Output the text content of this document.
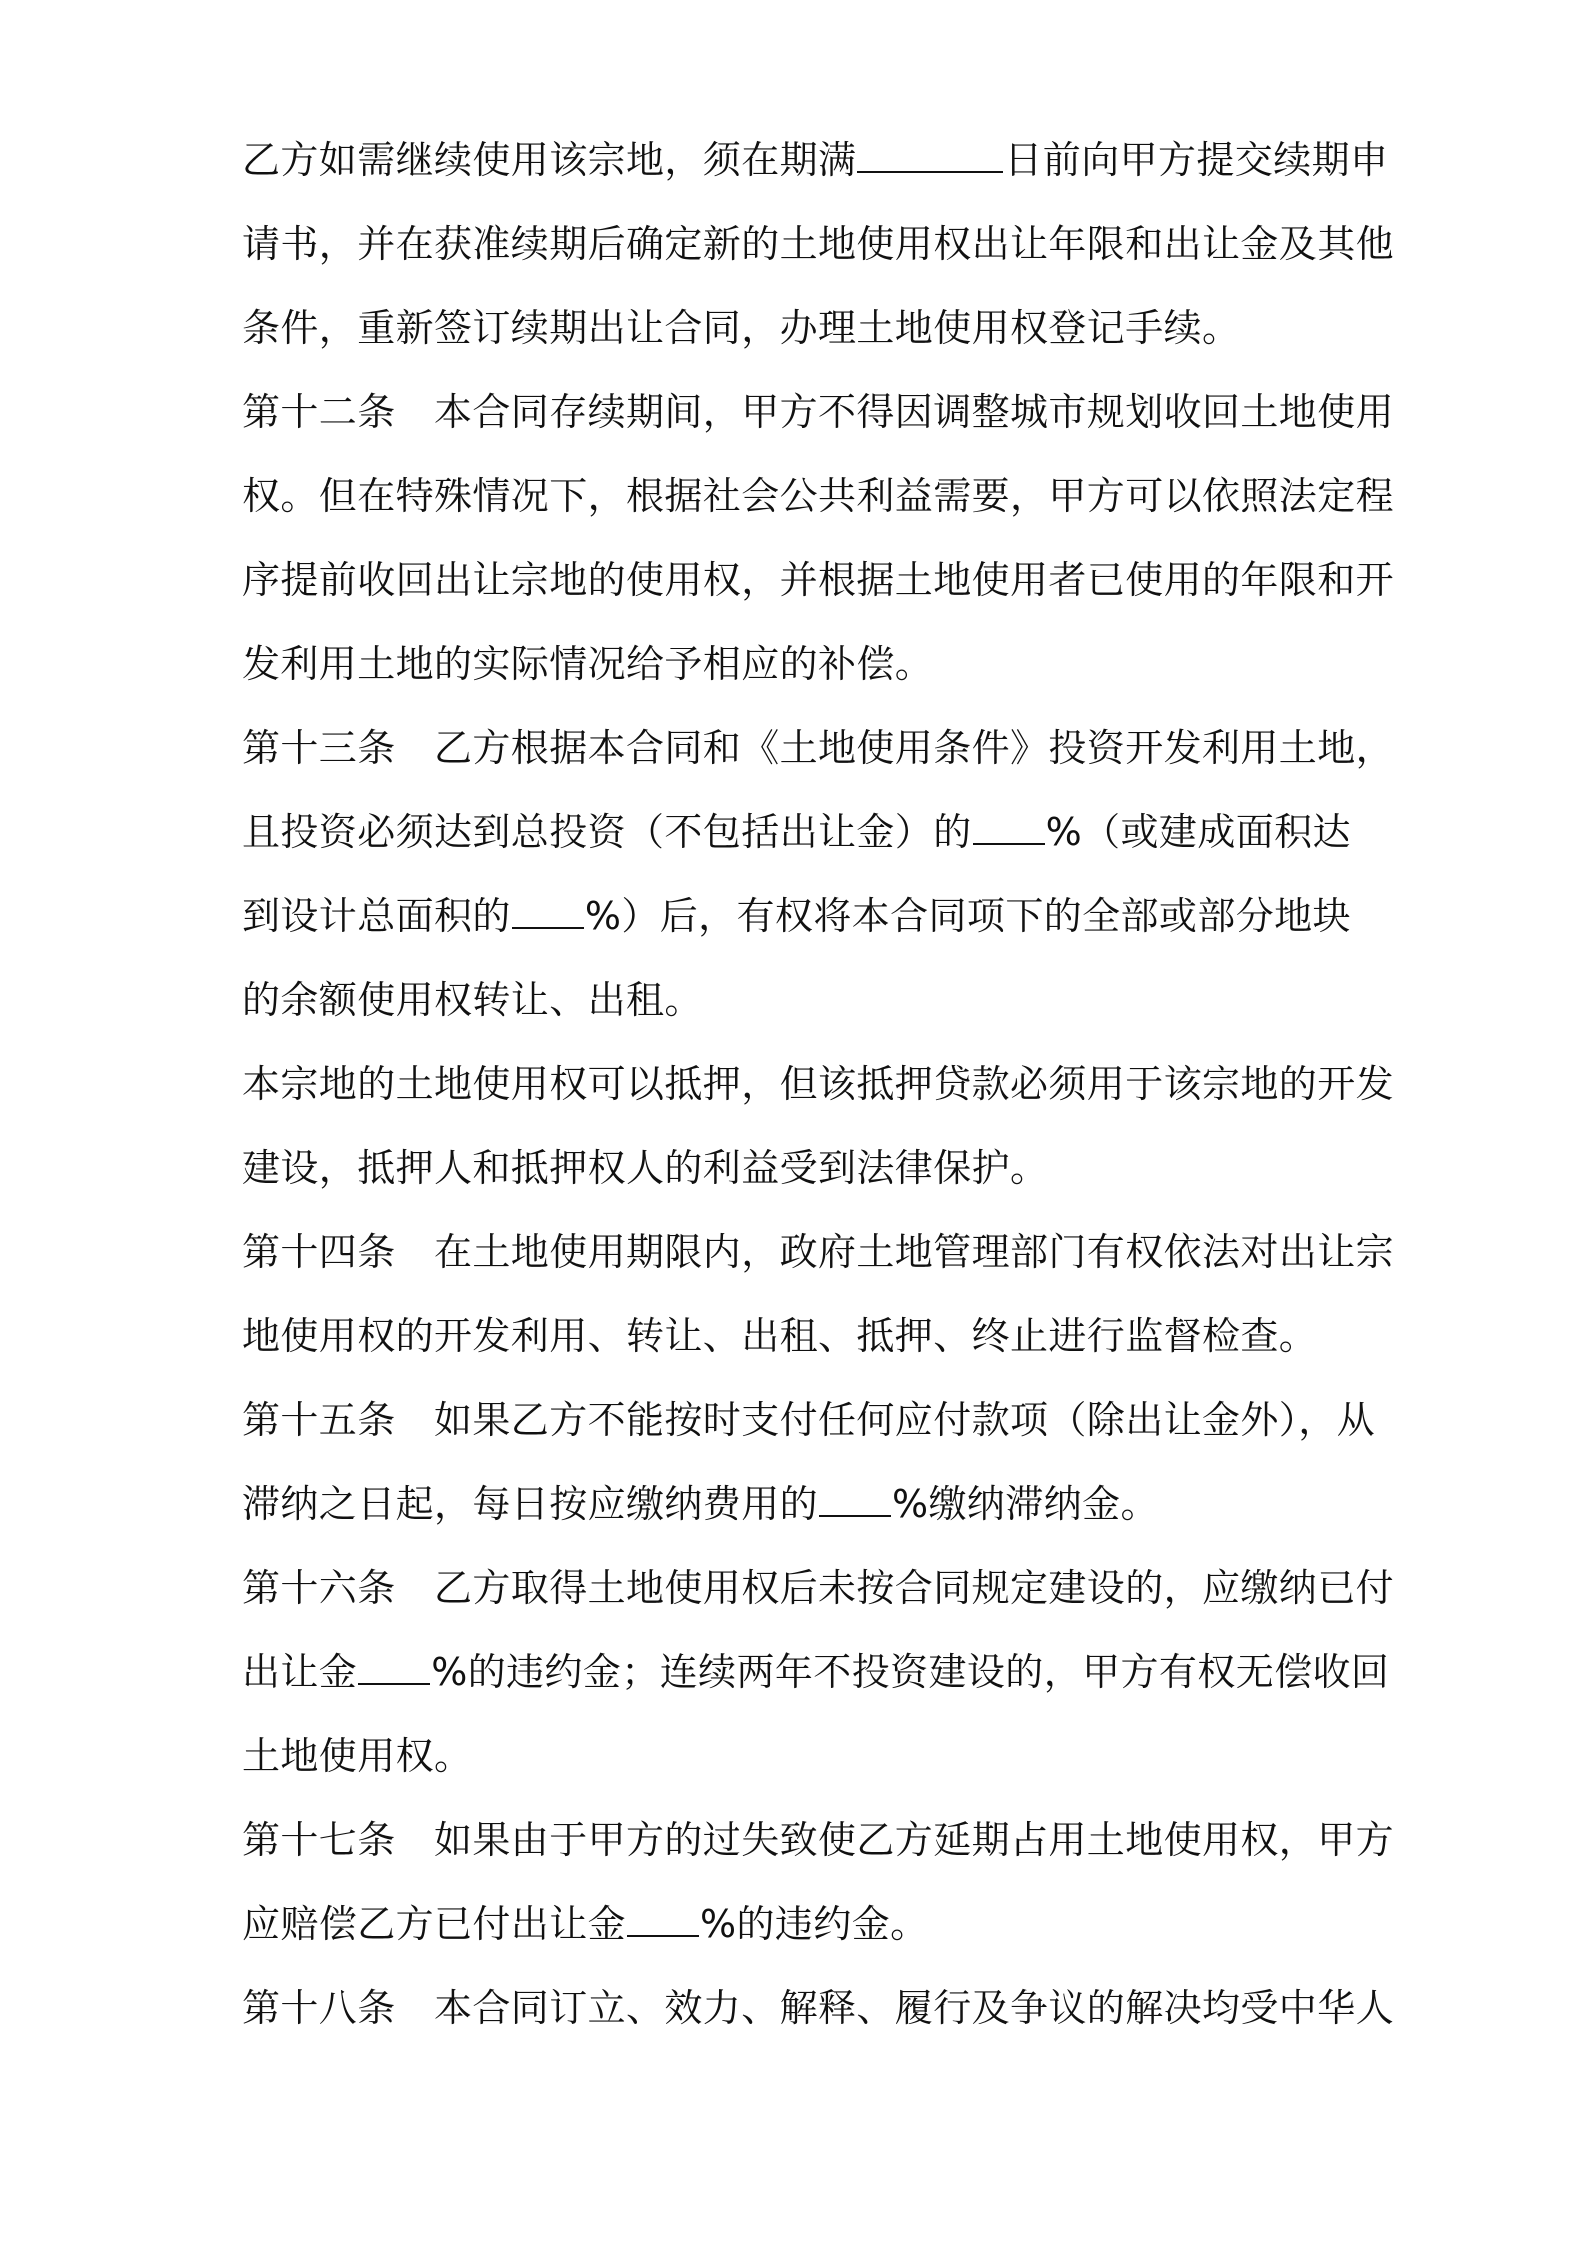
乙方如需继续使用该宗地，须在期满	日前向甲方提交续期申
请书，并在获准续期后确定新的土地使用权出让年限和出让金及其他
条件，重新签订续期出让合同，办理土地使用权登记手续。
第十二条　本合同存续期间，甲方不得因调整城市规划收回土地使用
权。但在特殊情况下，根据社会公共利益需要，甲方可以依照法定程
序提前收回出让宗地的使用权，并根据土地使用者已使用的年限和开
发利用土地的实际情况给予相应的补偿。
第十三条　乙方根据本合同和《土地使用条件》投资开发利用土地，
且投资必须达到总投资（不包括出让金）的 %（或建成面积达
到设计总面积的 %）后，有权将本合同项下的全部或部分地块
的余额使用权转让、出租。
本宗地的土地使用权可以抵押，但该抵押贷款必须用于该宗地的开发
建设，抵押人和抵押权人的利益受到法律保护。
第十四条　在土地使用期限内，政府土地管理部门有权依法对出让宗
地使用权的开发利用、转让、出租、抵押、终止进行监督检查。
第十五条　如果乙方不能按时支付任何应付款项（除出让金外），从
滞纳之日起，每日按应缴纳费用的 %缴纳滞纳金。
第十六条　乙方取得土地使用权后未按合同规定建设的，应缴纳已付
出让金 %的违约金；连续两年不投资建设的，甲方有权无偿收回
土地使用权。
第十七条　如果由于甲方的过失致使乙方延期占用土地使用权，甲方
应赔偿乙方已付出让金 %的违约金。
第十八条　本合同订立、效力、解释、履行及争议的解决均受中华人
